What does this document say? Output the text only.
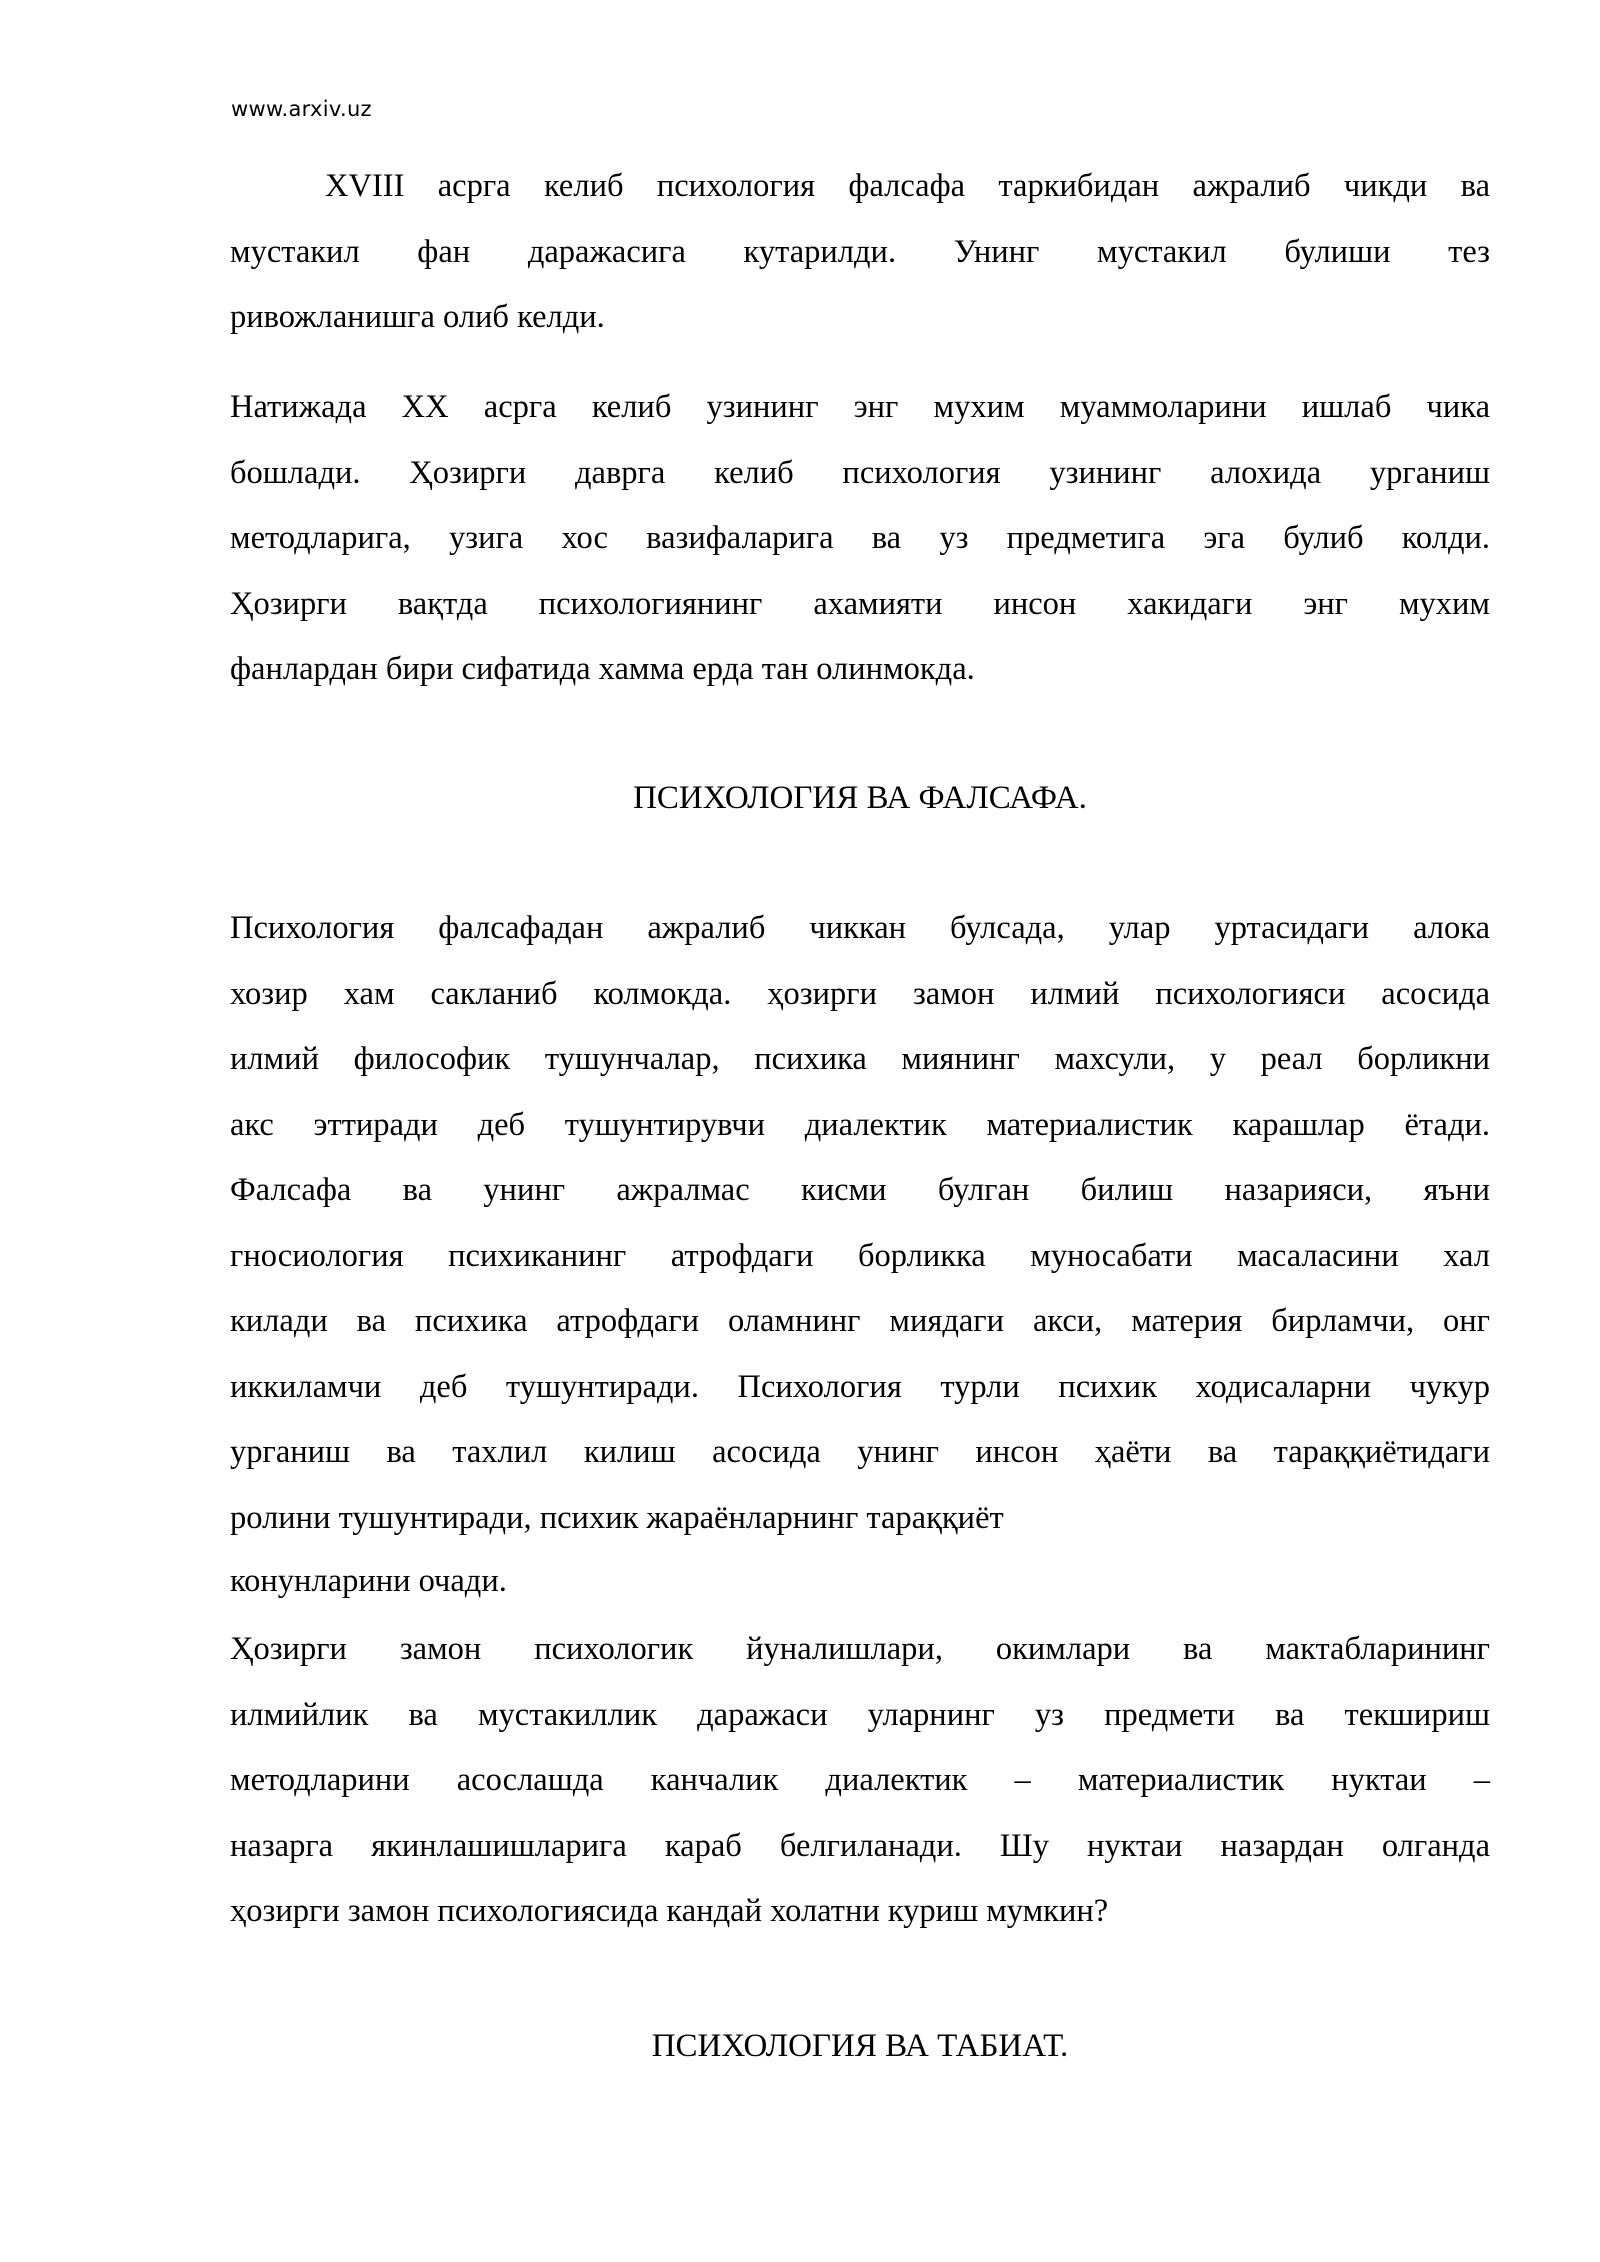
www.arxiv.uz
XVIII асрга келиб психология фалсафа таркибидан ажралиб чикди ва
мустакил фан даражасига кутарилди. Унинг мустакил булиши тез
ривожланишга олиб келди.
Натижада XX асрга келиб узининг энг мухим муаммоларини ишлаб чика
бошлади. Ҳозирги даврга келиб психология узининг алохида урганиш
методларига, узига хос вазифаларига ва уз предметига эга булиб колди.
Ҳозирги вақтда психологиянинг ахамияти инсон хакидаги энг мухим
фанлардан бири сифатида хамма ерда тан олинмокда.
ПСИХОЛОГИЯ ВА ФАЛСАФА.
Психология фалсафадан ажралиб чиккан булсада, улар уртасидаги алока
хозир хам сакланиб колмокда. ҳозирги замон илмий психологияси асосида
илмий философик тушунчалар, психика миянинг махсули, у реал борликни
акс эттиради деб тушунтирувчи диалектик материалистик карашлар ётади.
Фалсафа ва унинг ажралмас кисми булган билиш назарияси, яъни
гносиология психиканинг атрофдаги борликка муносабати масаласини хал
килади ва психика атрофдаги оламнинг миядаги акси, материя бирламчи, онг
иккиламчи деб тушунтиради. Психология турли психик ходисаларни чукур
урганиш ва тахлил килиш асосида унинг инсон ҳаёти ва тараққиётидаги
ролини тушунтиради, психик жараёнларнинг тараққиёт
конунларини очади.
Ҳозирги замон психологик йуналишлари, окимлари ва мактабларининг
илмийлик ва мустакиллик даражаси уларнинг уз предмети ва текшириш
методларини асослашда канчалик диалектик – материалистик нуктаи –
назарга якинлашишларига караб белгиланади. Шу нуктаи назардан олганда
ҳозирги замон психологиясида кандай холатни куриш мумкин?
ПСИХОЛОГИЯ ВА ТАБИАТ.
